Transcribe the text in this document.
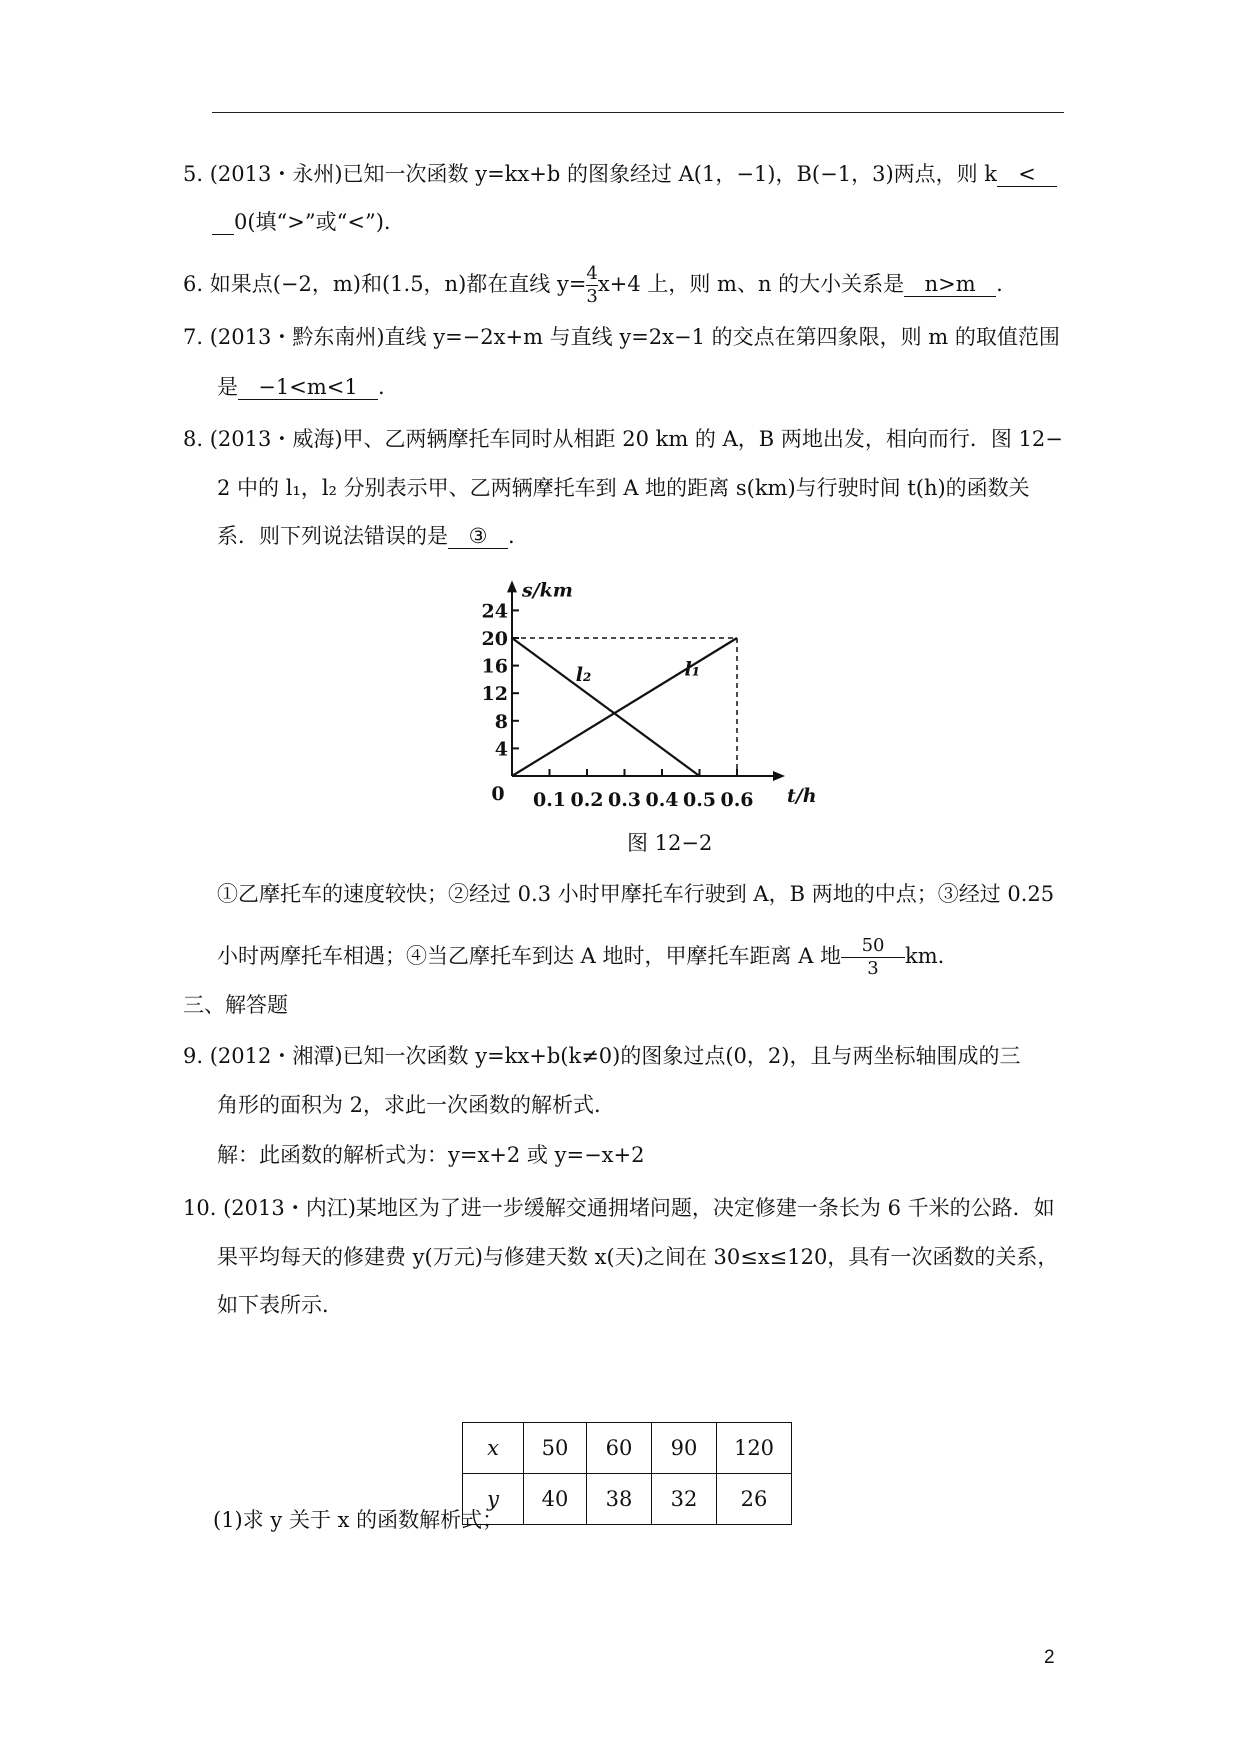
5. (2013・永州)已知一次函数 y=kx+b 的图象经过 A(1，−1)，B(−1，3)两点，则 k <
0(填“>”或“<”).
6. 如果点(−2，m)和(1.5，n)都在直线 $y= \frac{4}{3} x+4$ 上，则 m、n 的大小关系是 n>m .
7. (2013・黔东南州)直线 y=−2x+m 与直线 y=2x−1 的交点在第四象限，则 m 的取值范围
是 −1<m<1 .
8. (2013・威海)甲、乙两辆摩托车同时从相距 20 km 的 A，B 两地出发，相向而行．图 12−
2 中的 l₁，l₂ 分别表示甲、乙两辆摩托车到 A 地的距离 s(km)与行驶时间 t(h)的函数关
系．则下列说法错误的是 ③ .
s/km
t/h
0
4
8
12
16
20
24
0.1 0.2 0.3 0.4 0.5 0.6
l₁
l₂
图 12−2
①乙摩托车的速度较快；②经过 0.3 小时甲摩托车行驶到 A，B 两地的中点；③经过 0.25
小时两摩托车相遇；④当乙摩托车到达 A 地时，甲摩托车距离 A 地 $\frac{50}{3}$ km.
三、解答题
9. (2012・湘潭)已知一次函数 y=kx+b(k≠0)的图象过点(0，2)，且与两坐标轴围成的三
角形的面积为 2，求此一次函数的解析式．
解：此函数的解析式为：y=x+2 或 y=−x+2
10. (2013・内江)某地区为了进一步缓解交通拥堵问题，决定修建一条长为 6 千米的公路．如
果平均每天的修建费 y(万元)与修建天数 x(天)之间在 30≤x≤120，具有一次函数的关系，
如下表所示．
x	50	60	90	120
y	40	38	32	26
(1)求 y 关于 x 的函数解析式；
2
